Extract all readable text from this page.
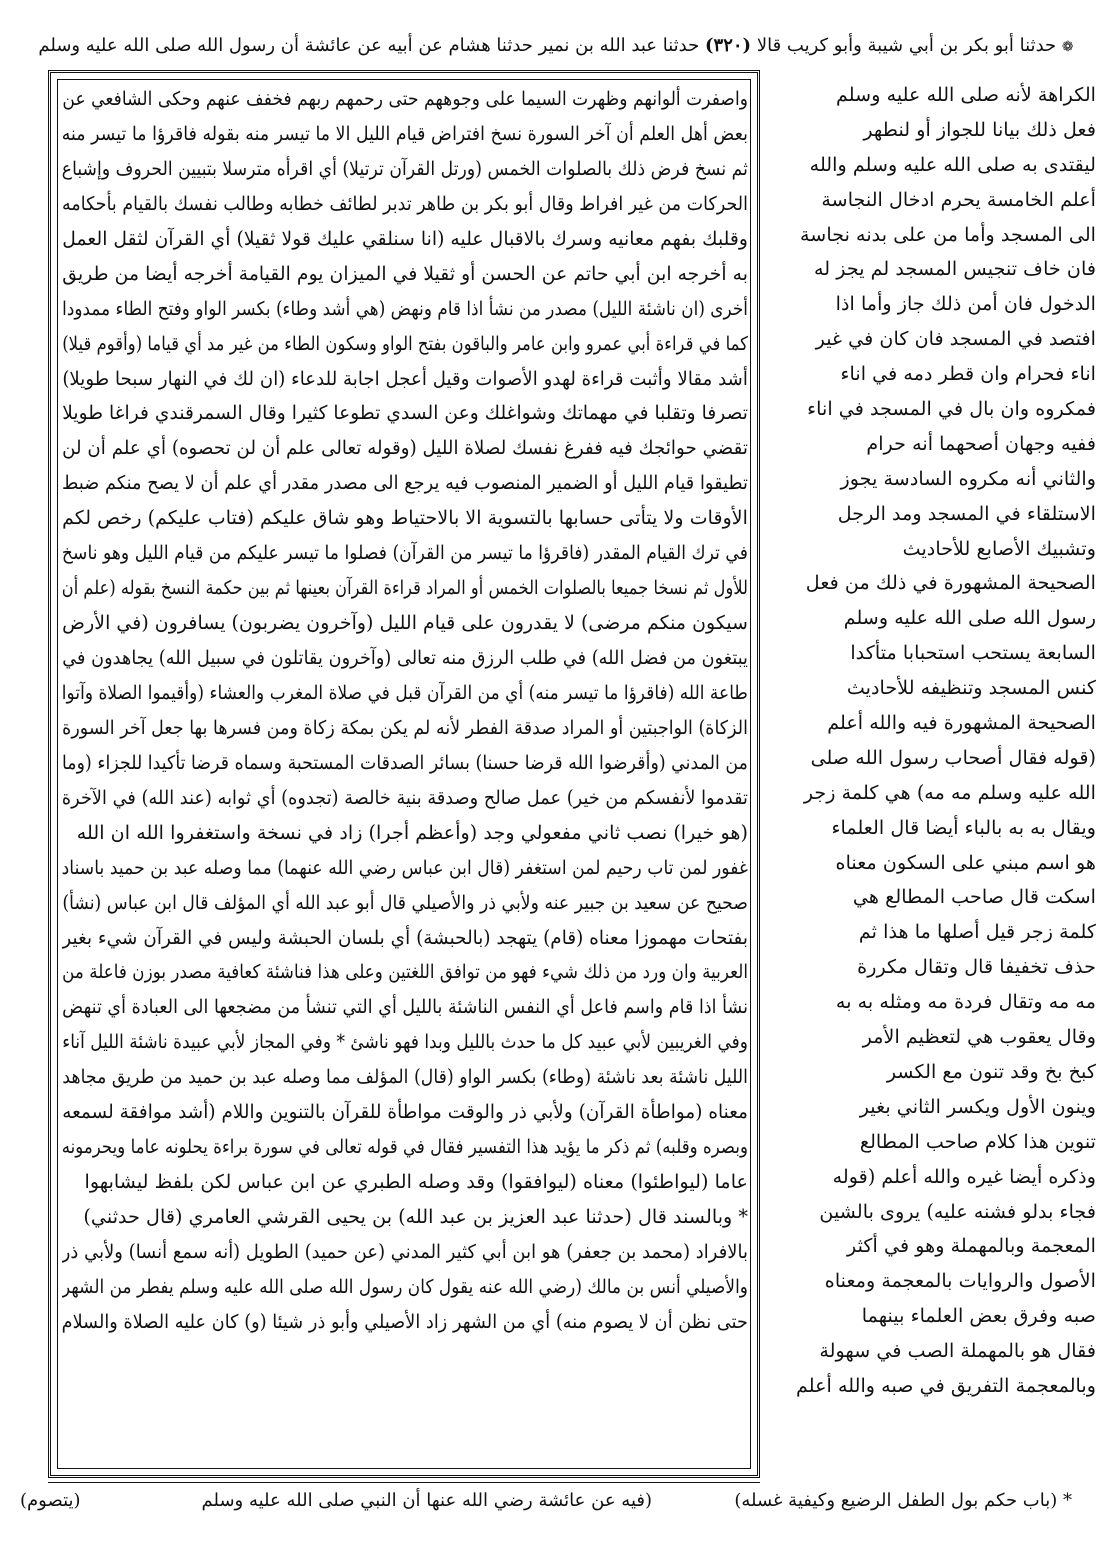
❁ حدثنا أبو بكر بن أبي شيبة وأبو كريب قالا (٣٢٠) حدثنا عبد الله بن نمير حدثنا هشام عن أبيه عن عائشة أن رسول الله صلى الله عليه وسلم
واصفرت ألوانهم وظهرت السيما على وجوههم حتى رحمهم ربهم فخفف عنهم وحكى الشافعي عن
بعض أهل العلم أن آخر السورة نسخ افتراض قيام الليل الا ما تيسر منه بقوله فاقرؤا ما تيسر منه
ثم نسخ فرض ذلك بالصلوات الخمس (ورتل القرآن ترتيلا) أي اقرأه مترسلا بتبيين الحروف وإشباع
الحركات من غير افراط وقال أبو بكر بن طاهر تدبر لطائف خطابه وطالب نفسك بالقيام بأحكامه
وقلبك بفهم معانيه وسرك بالاقبال عليه (انا سنلقي عليك قولا ثقيلا) أي القرآن لثقل العمل
به أخرجه ابن أبي حاتم عن الحسن أو ثقيلا في الميزان يوم القيامة أخرجه أيضا من طريق
أخرى (ان ناشئة الليل) مصدر من نشأ اذا قام ونهض (هي أشد وطاء) بكسر الواو وفتح الطاء ممدودا
كما في قراءة أبي عمرو وابن عامر والباقون بفتح الواو وسكون الطاء من غير مد أي قياما (وأقوم قيلا)
أشد مقالا وأثبت قراءة لهدو الأصوات وقيل أعجل اجابة للدعاء (ان لك في النهار سبحا طويلا)
تصرفا وتقلبا في مهماتك وشواغلك وعن السدي تطوعا كثيرا وقال السمرقندي فراغا طويلا
تقضي حوائجك فيه ففرغ نفسك لصلاة الليل (وقوله تعالى علم أن لن تحصوه) أي علم أن لن
تطيقوا قيام الليل أو الضمير المنصوب فيه يرجع الى مصدر مقدر أي علم أن لا يصح منكم ضبط
الأوقات ولا يتأتى حسابها بالتسوية الا بالاحتياط وهو شاق عليكم (فتاب عليكم) رخص لكم
في ترك القيام المقدر (فاقرؤا ما تيسر من القرآن) فصلوا ما تيسر عليكم من قيام الليل وهو ناسخ
للأول ثم نسخا جميعا بالصلوات الخمس أو المراد قراءة القرآن بعينها ثم بين حكمة النسخ بقوله (علم أن
سيكون منكم مرضى) لا يقدرون على قيام الليل (وآخرون يضربون) يسافرون (في الأرض
يبتغون من فضل الله) في طلب الرزق منه تعالى (وآخرون يقاتلون في سبيل الله) يجاهدون في
طاعة الله (فاقرؤا ما تيسر منه) أي من القرآن قبل في صلاة المغرب والعشاء (وأقيموا الصلاة وآتوا
الزكاة) الواجبتين أو المراد صدقة الفطر لأنه لم يكن بمكة زكاة ومن فسرها بها جعل آخر السورة
من المدني (وأقرضوا الله قرضا حسنا) بسائر الصدقات المستحبة وسماه قرضا تأكيدا للجزاء (وما
تقدموا لأنفسكم من خير) عمل صالح وصدقة بنية خالصة (تجدوه) أي ثوابه (عند الله) في الآخرة
(هو خيرا) نصب ثاني مفعولي وجد (وأعظم أجرا) زاد في نسخة واستغفروا الله ان الله
غفور لمن تاب رحيم لمن استغفر (قال ابن عباس رضي الله عنهما) مما وصله عبد بن حميد باسناد
صحيح عن سعيد بن جبير عنه ولأبي ذر والأصيلي قال أبو عبد الله أي المؤلف قال ابن عباس (نشأ)
بفتحات مهموزا معناه (قام) يتهجد (بالحبشة) أي بلسان الحبشة وليس في القرآن شيء بغير
العربية وان ورد من ذلك شيء فهو من توافق اللغتين وعلى هذا فناشئة كعافية مصدر بوزن فاعلة من
نشأ اذا قام واسم فاعل أي النفس الناشئة بالليل أي التي تنشأ من مضجعها الى العبادة أي تنهض
وفي الغريبين لأبي عبيد كل ما حدث بالليل وبدا فهو ناشئ * وفي المجاز لأبي عبيدة ناشئة الليل آناء
الليل ناشئة بعد ناشئة (وطاء) بكسر الواو (قال) المؤلف مما وصله عبد بن حميد من طريق مجاهد
معناه (مواطأة القرآن) ولأبي ذر والوقت مواطأة للقرآن بالتنوين واللام (أشد موافقة لسمعه
وبصره وقلبه) ثم ذكر ما يؤيد هذا التفسير فقال في قوله تعالى في سورة براءة يحلونه عاما ويحرمونه
عاما (ليواطئوا) معناه (ليوافقوا) وقد وصله الطبري عن ابن عباس لكن بلفظ ليشابهوا
* وبالسند قال (حدثنا عبد العزيز بن عبد الله) بن يحيى القرشي العامري (قال حدثني)
بالافراد (محمد بن جعفر) هو ابن أبي كثير المدني (عن حميد) الطويل (أنه سمع أنسا) ولأبي ذر
والأصيلي أنس بن مالك (رضي الله عنه يقول كان رسول الله صلى الله عليه وسلم يفطر من الشهر
حتى نظن أن لا يصوم منه) أي من الشهر زاد الأصيلي وأبو ذر شيئا (و) كان عليه الصلاة والسلام
الكراهة لأنه صلى الله عليه وسلم
فعل ذلك بيانا للجواز أو لنطهر
ليقتدى به صلى الله عليه وسلم والله
أعلم الخامسة يحرم ادخال النجاسة
الى المسجد وأما من على بدنه نجاسة
فان خاف تنجيس المسجد لم يجز له
الدخول فان أمن ذلك جاز وأما اذا
افتصد في المسجد فان كان في غير
اناء فحرام وان قطر دمه في اناء
فمكروه وان بال في المسجد في اناء
ففيه وجهان أصحهما أنه حرام
والثاني أنه مكروه السادسة يجوز
الاستلقاء في المسجد ومد الرجل
وتشبيك الأصابع للأحاديث
الصحيحة المشهورة في ذلك من فعل
رسول الله صلى الله عليه وسلم
السابعة يستحب استحبابا متأكدا
كنس المسجد وتنظيفه للأحاديث
الصحيحة المشهورة فيه والله أعلم
(قوله فقال أصحاب رسول الله صلى
الله عليه وسلم مه مه) هي كلمة زجر
ويقال به به بالباء أيضا قال العلماء
هو اسم مبني على السكون معناه
اسكت قال صاحب المطالع هي
كلمة زجر قيل أصلها ما هذا ثم
حذف تخفيفا قال وتقال مكررة
مه مه وتقال فردة مه ومثله به به
وقال يعقوب هي لتعظيم الأمر
كبخ بخ وقد تنون مع الكسر
وينون الأول ويكسر الثاني بغير
تنوين هذا كلام صاحب المطالع
وذكره أيضا غيره والله أعلم (قوله
فجاء بدلو فشنه عليه) يروى بالشين
المعجمة وبالمهملة وهو في أكثر
الأصول والروايات بالمعجمة ومعناه
صبه وفرق بعض العلماء بينهما
فقال هو بالمهملة الصب في سهولة
وبالمعجمة التفريق في صبه والله أعلم
* (باب حكم بول الطفل الرضيع وكيفية غسله)
(فيه عن عائشة رضي الله عنها أن النبي صلى الله عليه وسلم
(يتصوم)
